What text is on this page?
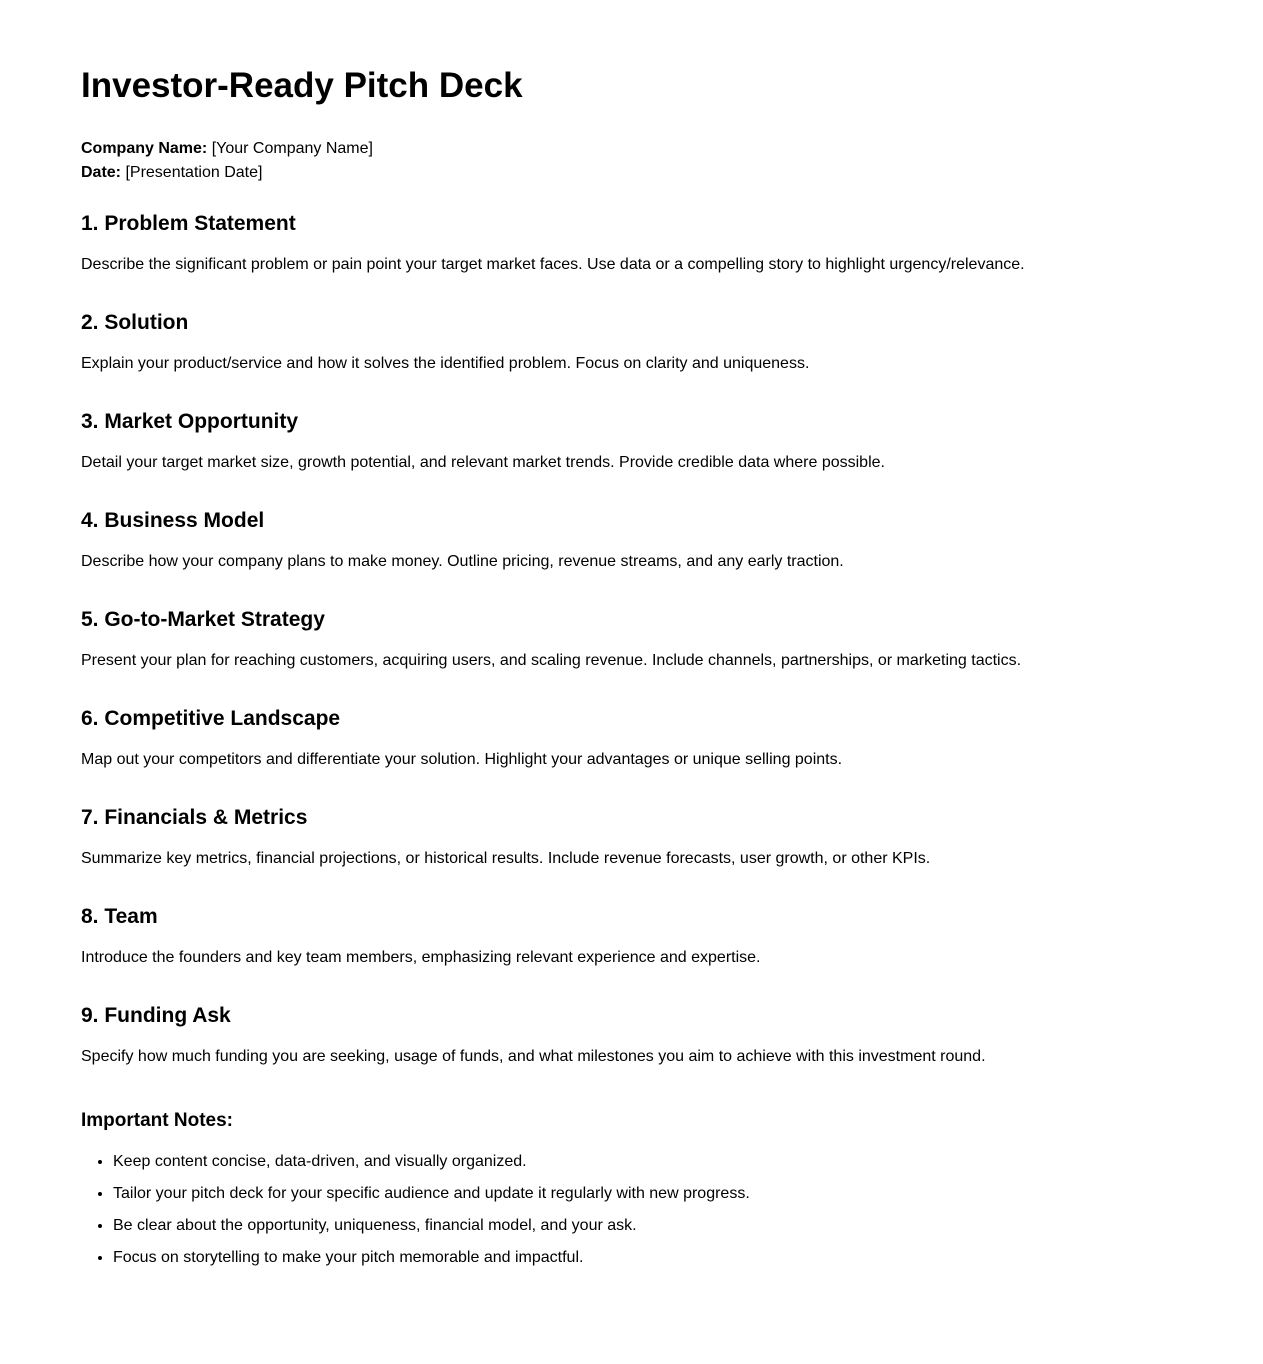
Investor-Ready Pitch Deck
Company Name: [Your Company Name]
Date: [Presentation Date]
1. Problem Statement

Describe the significant problem or pain point your target market faces. Use data or a compelling story to highlight urgency/relevance.

2. Solution

Explain your product/service and how it solves the identified problem. Focus on clarity and uniqueness.

3. Market Opportunity

Detail your target market size, growth potential, and relevant market trends. Provide credible data where possible.

4. Business Model

Describe how your company plans to make money. Outline pricing, revenue streams, and any early traction.

5. Go-to-Market Strategy

Present your plan for reaching customers, acquiring users, and scaling revenue. Include channels, partnerships, or marketing tactics.

6. Competitive Landscape

Map out your competitors and differentiate your solution. Highlight your advantages or unique selling points.

7. Financials & Metrics

Summarize key metrics, financial projections, or historical results. Include revenue forecasts, user growth, or other KPIs.

8. Team

Introduce the founders and key team members, emphasizing relevant experience and expertise.

9. Funding Ask

Specify how much funding you are seeking, usage of funds, and what milestones you aim to achieve with this investment round.

Important Notes:
• Keep content concise, data-driven, and visually organized.
• Tailor your pitch deck for your specific audience and update it regularly with new progress.
• Be clear about the opportunity, uniqueness, financial model, and your ask.
• Focus on storytelling to make your pitch memorable and impactful.
